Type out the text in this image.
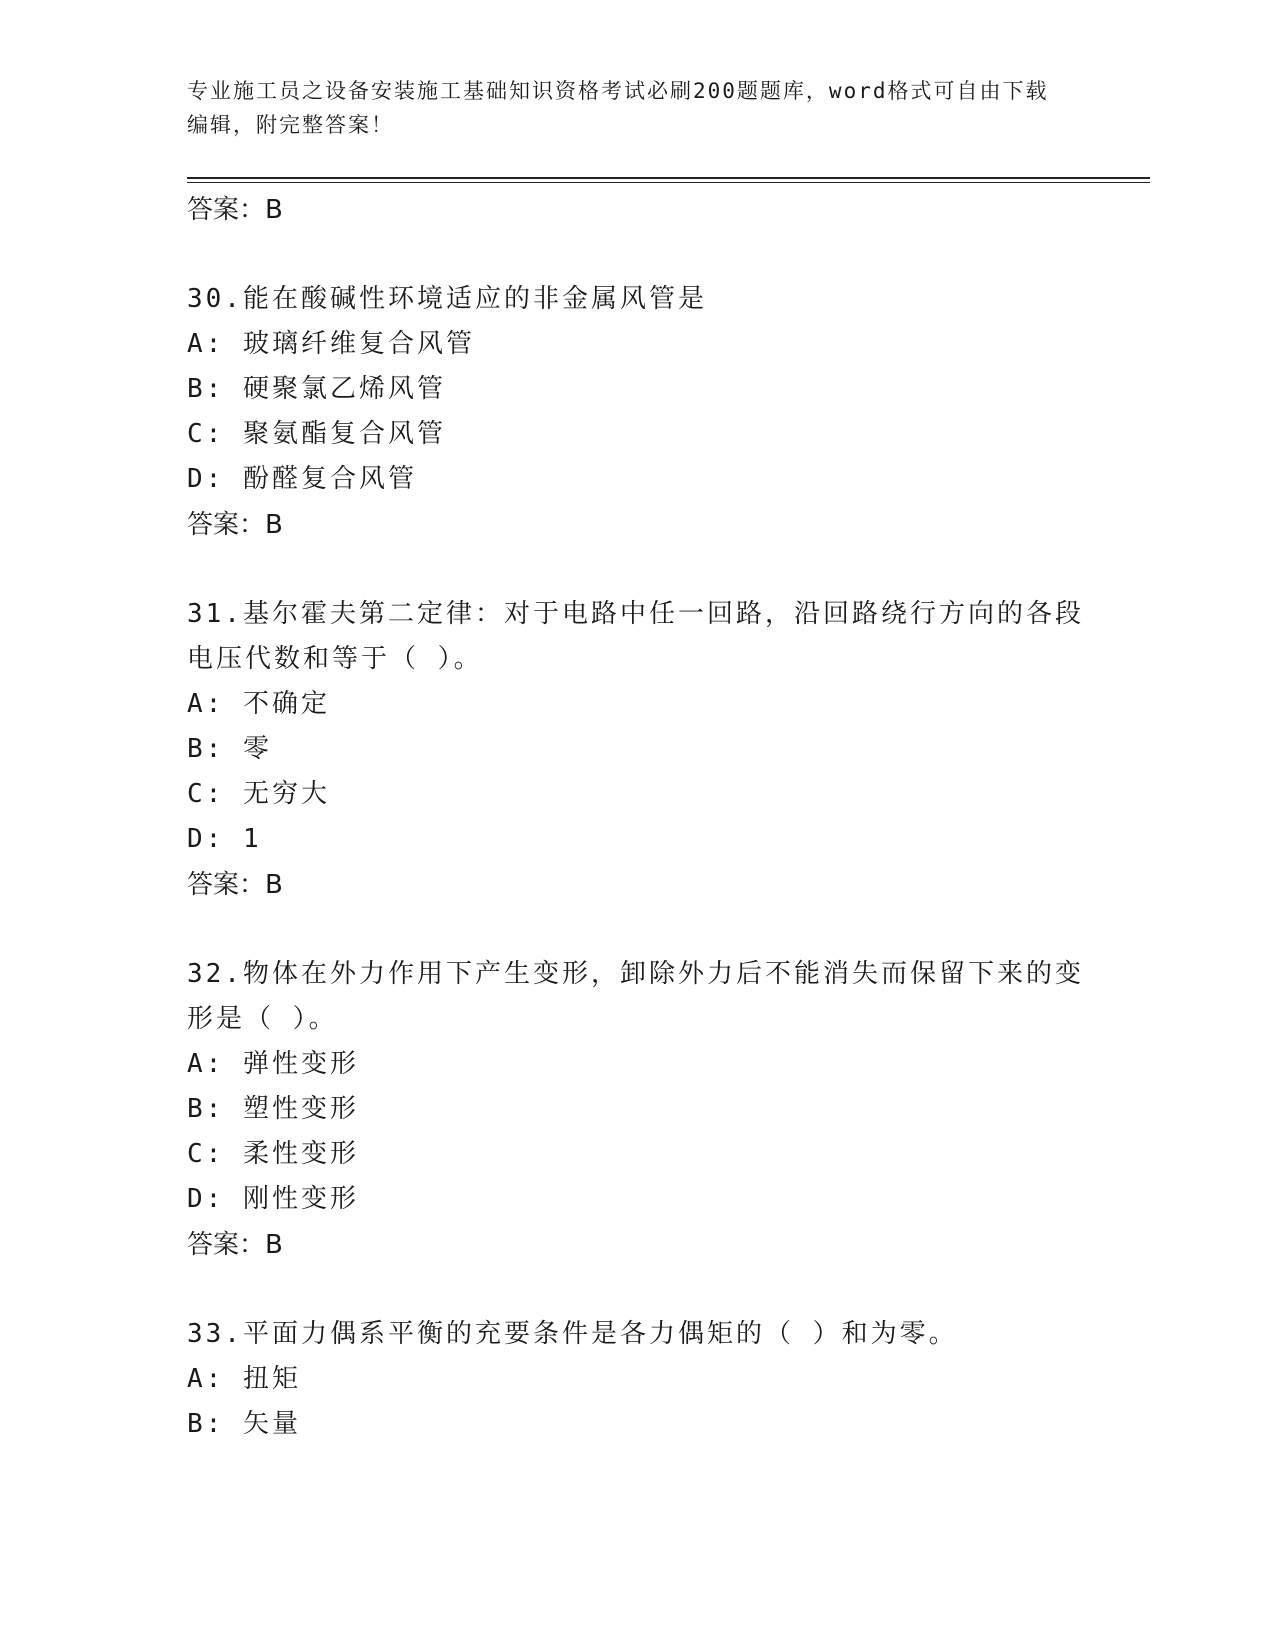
专业施工员之设备安装施工基础知识资格考试必刷200题题库，word格式可自由下载编辑，附完整答案！
答案：B
30.能在酸碱性环境适应的非金属风管是
A: 玻璃纤维复合风管
B: 硬聚氯乙烯风管
C: 聚氨酯复合风管
D: 酚醛复合风管
答案：B
31.基尔霍夫第二定律：对于电路中任一回路，沿回路绕行方向的各段电压代数和等于（ ）。
A: 不确定
B: 零
C: 无穷大
D: 1
答案：B
32.物体在外力作用下产生变形，卸除外力后不能消失而保留下来的变形是（ ）。
A: 弹性变形
B: 塑性变形
C: 柔性变形
D: 刚性变形
答案：B
33.平面力偶系平衡的充要条件是各力偶矩的（ ）和为零。
A: 扭矩
B: 矢量
